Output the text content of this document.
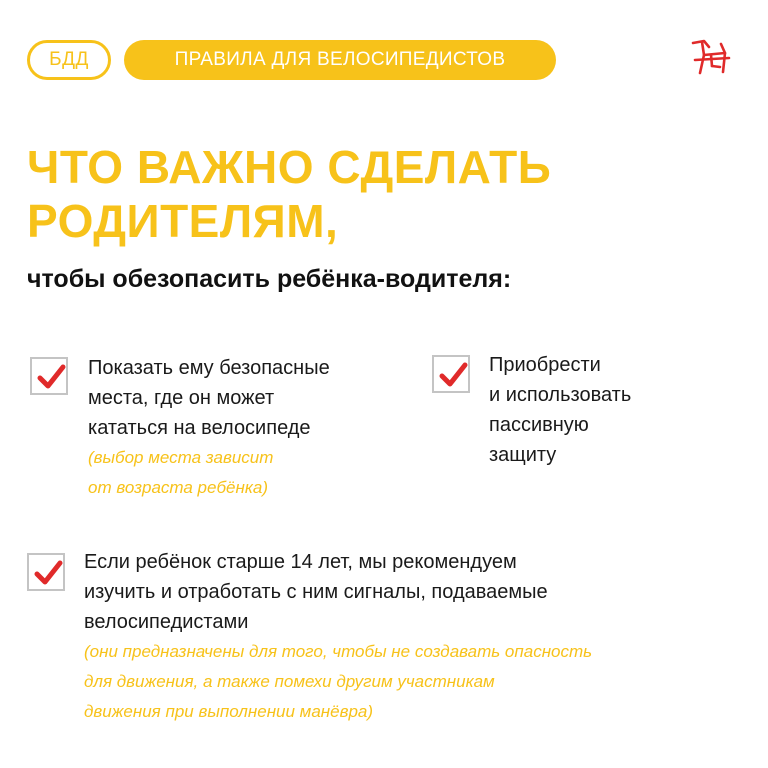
БДД	ПРАВИЛА ДЛЯ ВЕЛОСИПЕДИСТОВ
ЧТО ВАЖНО СДЕЛАТЬ
РОДИТЕЛЯМ,
чтобы обезопасить ребёнка-водителя:
Показать ему безопасные
места, где он может
кататься на велосипеде
(выбор места зависит
от возраста ребёнка)
Приобрести
и использовать
пассивную
защиту
Если ребёнок старше 14 лет, мы рекомендуем
изучить и отработать с ним сигналы, подаваемые
велосипедистами
(они предназначены для того, чтобы не создавать опасность
для движения, а также помехи другим участникам
движения при выполнении манёвра)
